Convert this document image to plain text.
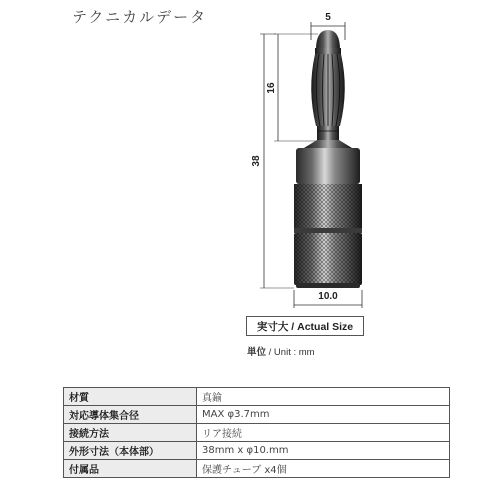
テクニカルデータ	5
16
38
10.0
実寸大 / Actual Size
単位 / Unit : mm
材質	真鍮
対応導体集合径	MAX φ3.7mm
接続方法	リア接続
外形寸法（本体部）	38mm x φ10.mm
付属品	保護チューブ x4個
